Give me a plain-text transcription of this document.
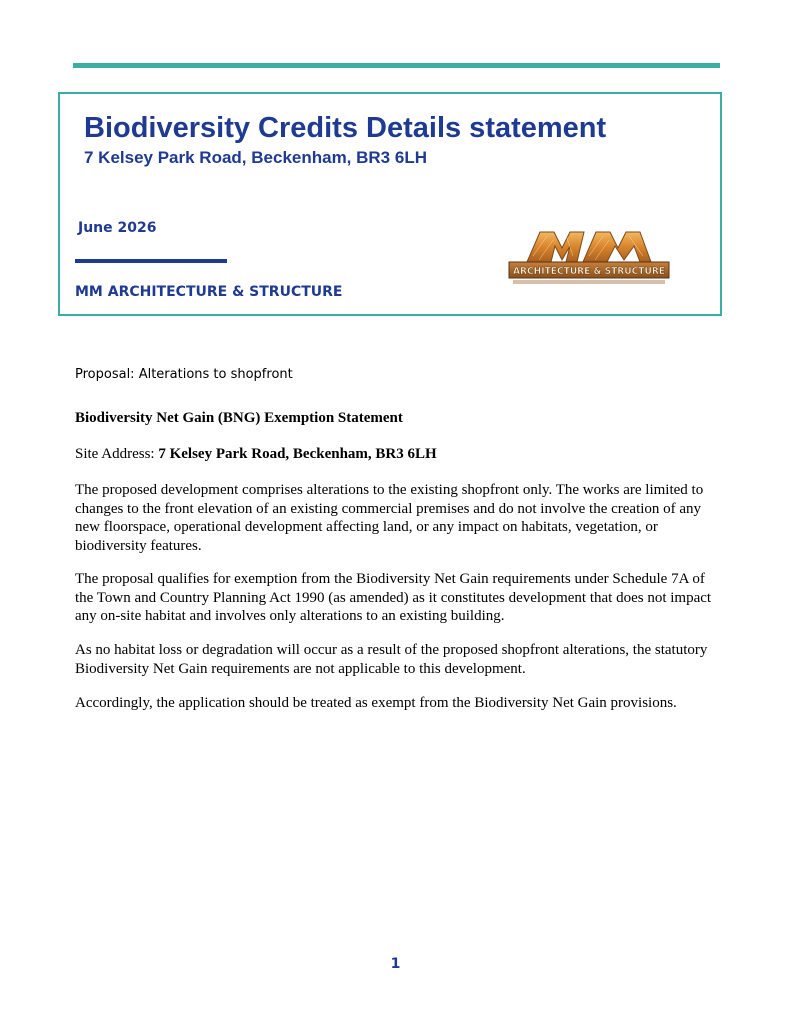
Biodiversity Credits Details statement
7 Kelsey Park Road, Beckenham, BR3 6LH
June 2026
MM ARCHITECTURE & STRUCTURE
ARCHITECTURE & STRUCTURE
Proposal: Alterations to shopfront

Biodiversity Net Gain (BNG) Exemption Statement

Site Address: 7 Kelsey Park Road, Beckenham, BR3 6LH

The proposed development comprises alterations to the existing shopfront only. The works are limited to changes to the front elevation of an existing commercial premises and do not involve the creation of any new floorspace, operational development affecting land, or any impact on habitats, vegetation, or biodiversity features.

The proposal qualifies for exemption from the Biodiversity Net Gain requirements under Schedule 7A of the Town and Country Planning Act 1990 (as amended) as it constitutes development that does not impact any on-site habitat and involves only alterations to an existing building.

As no habitat loss or degradation will occur as a result of the proposed shopfront alterations, the statutory Biodiversity Net Gain requirements are not applicable to this development.

Accordingly, the application should be treated as exempt from the Biodiversity Net Gain provisions.

1
